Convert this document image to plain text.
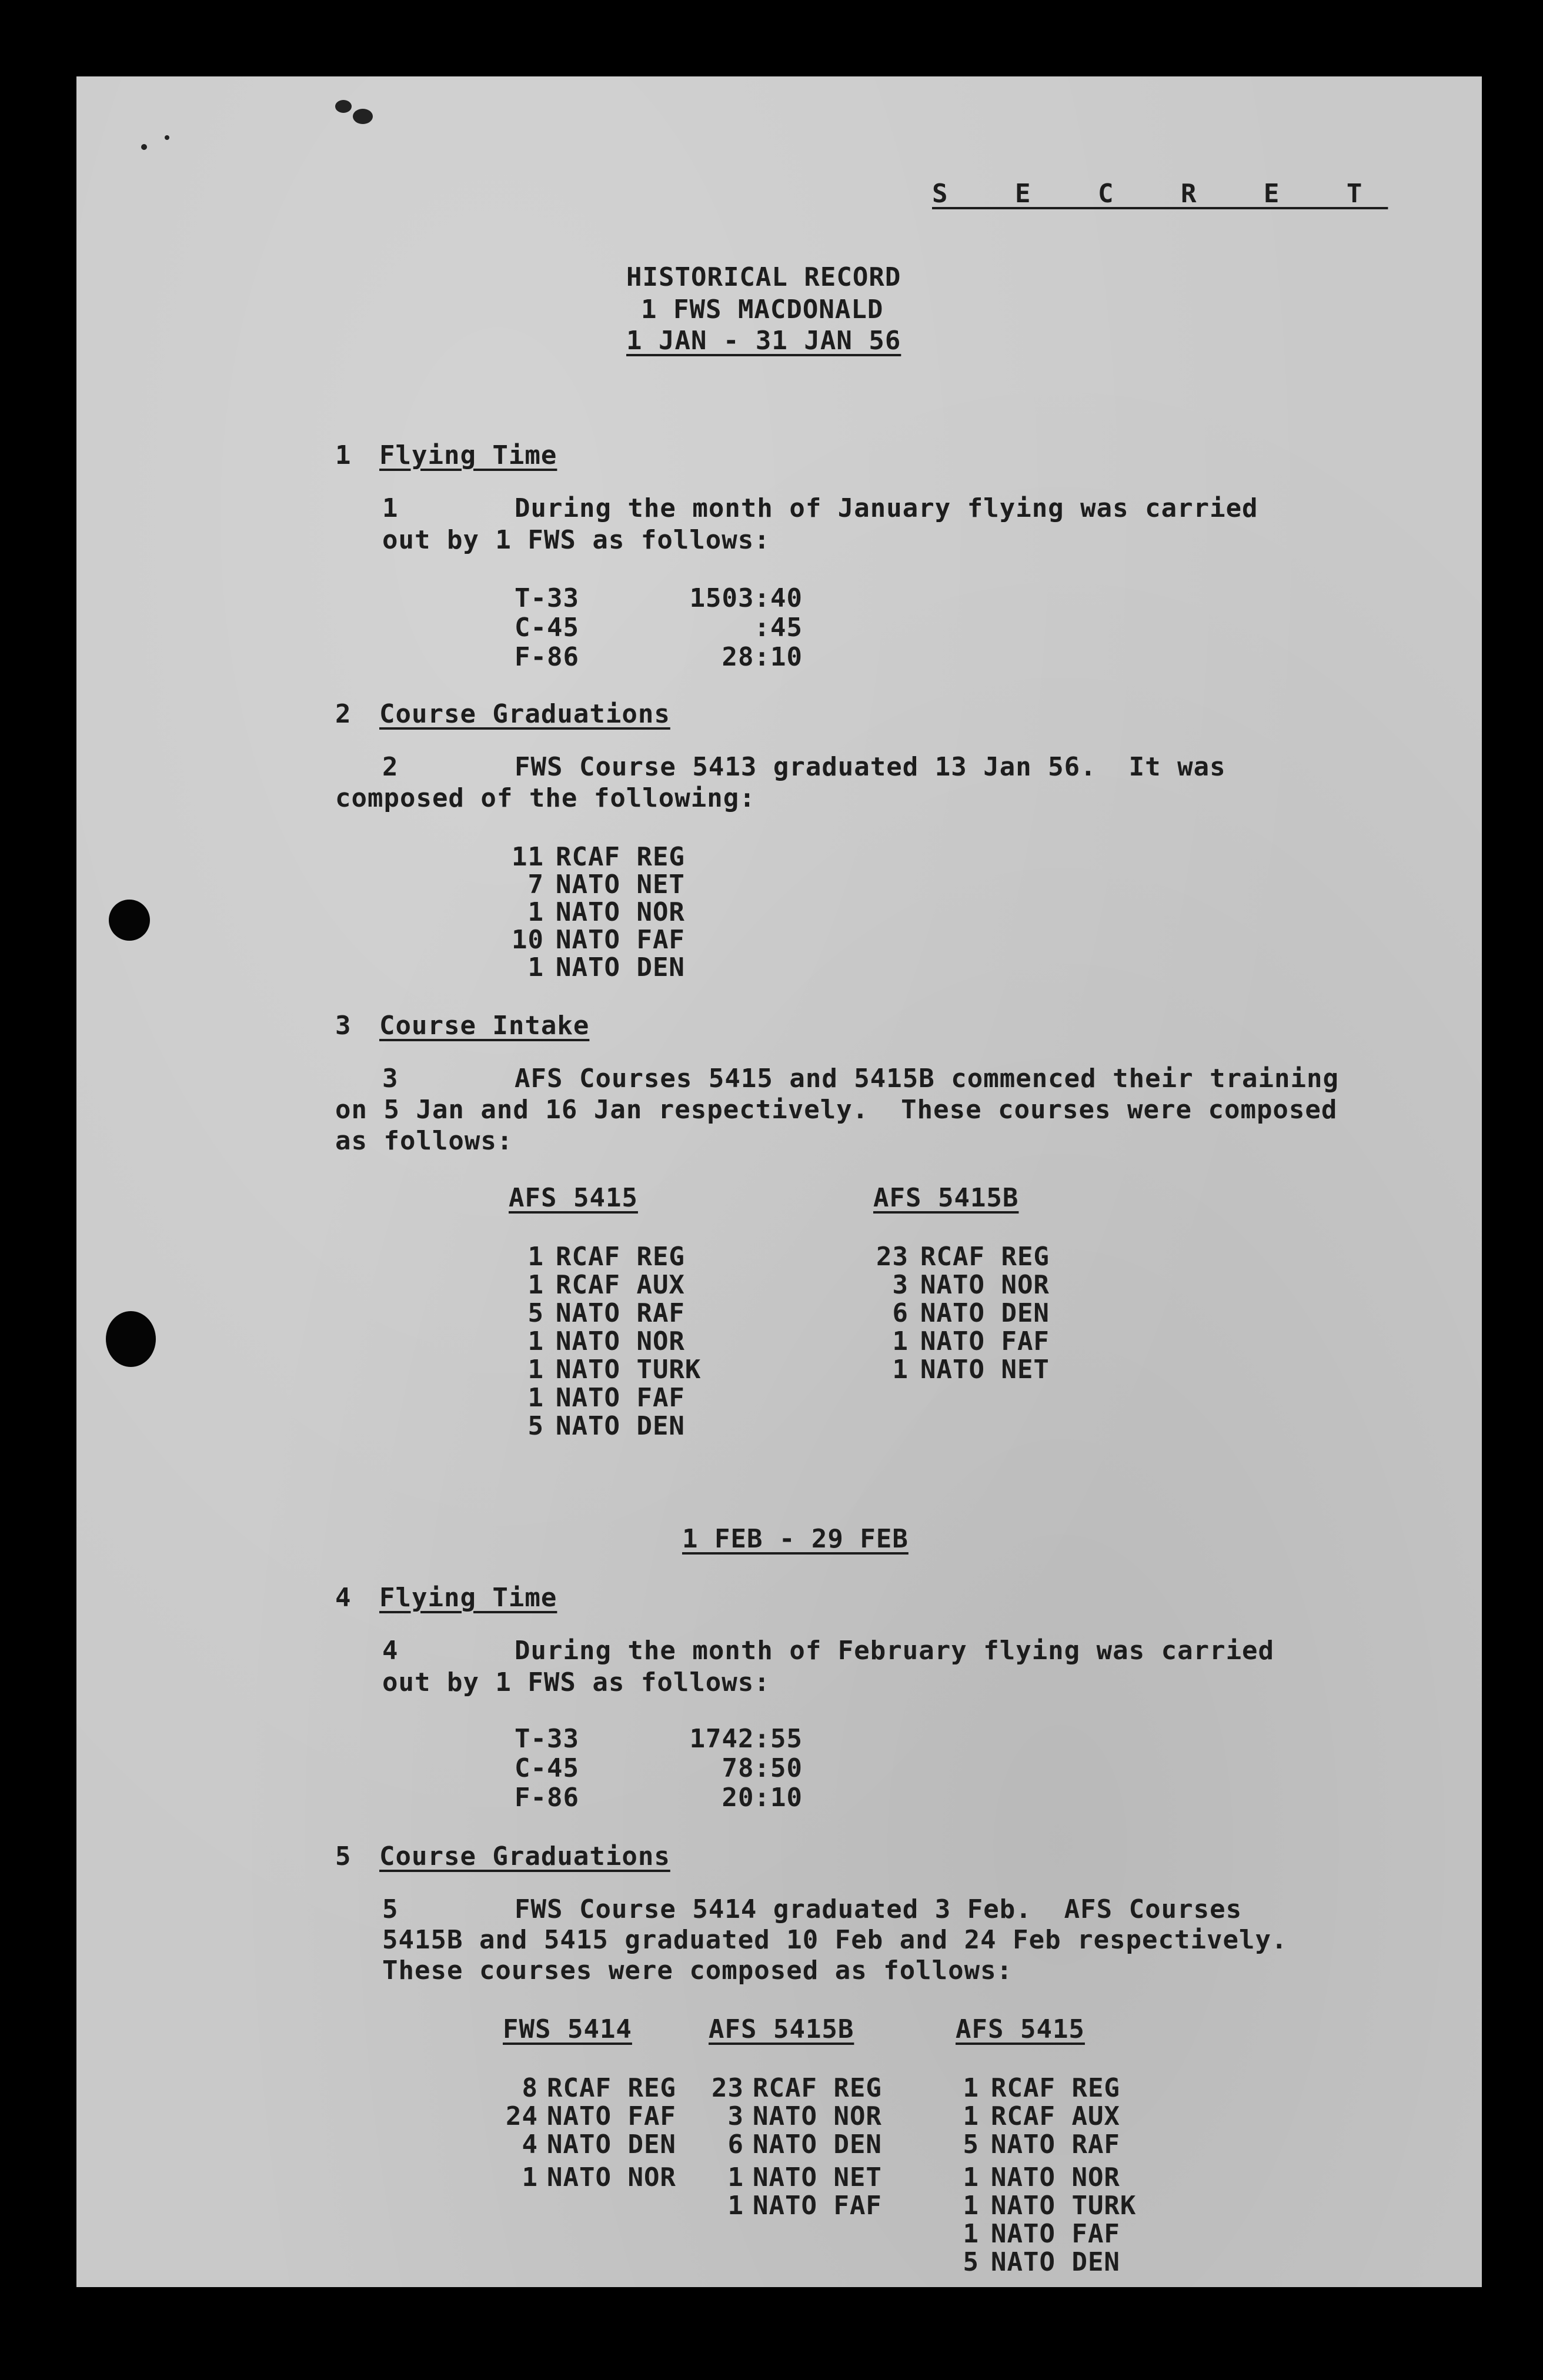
S E C R E T
HISTORICAL RECORD
1 FWS MACDONALD
1 JAN - 31 JAN 56
1 Flying Time
1	During the month of January flying was carried
out by 1 FWS as follows:
T-33	1503:40
C-45	:45
F-86	28:10
2 Course Graduations
2	FWS Course 5413 graduated 13 Jan 56.  It was
composed of the following:
11 RCAF REG
7 NATO NET
1 NATO NOR
10 NATO FAF
1 NATO DEN
3 Course Intake
3	AFS Courses 5415 and 5415B commenced their training
on 5 Jan and 16 Jan respectively.  These courses were composed
as follows:
AFS 5415
1 RCAF REG
1 RCAF AUX
5 NATO RAF
1 NATO NOR
1 NATO TURK
1 NATO FAF
5 NATO DEN
AFS 5415B
23 RCAF REG
3 NATO NOR
6 NATO DEN
1 NATO FAF
1 NATO NET
1 FEB - 29 FEB
4 Flying Time
4	During the month of February flying was carried
out by 1 FWS as follows:
T-33	1742:55
C-45	78:50
F-86	20:10
5 Course Graduations
5	FWS Course 5414 graduated 3 Feb.  AFS Courses
5415B and 5415 graduated 10 Feb and 24 Feb respectively.
These courses were composed as follows:
FWS 5414
8 RCAF REG
24 NATO FAF
4 NATO DEN
1 NATO NOR
AFS 5415B
23 RCAF REG
3 NATO NOR
6 NATO DEN
1 NATO NET
1 NATO FAF
AFS 5415
1 RCAF REG
1 RCAF AUX
5 NATO RAF
1 NATO NOR
1 NATO TURK
1 NATO FAF
5 NATO DEN
